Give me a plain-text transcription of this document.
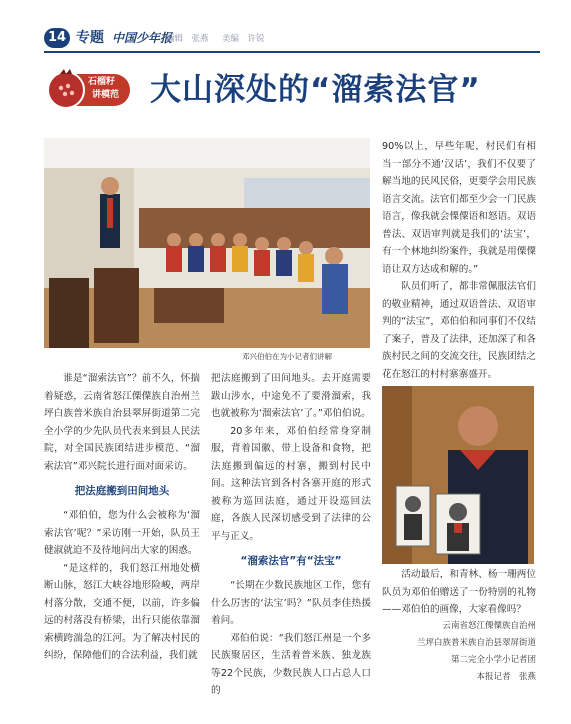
14 专题 中国少年报
编辑　张燕 美编　许锐
石榴籽
讲模范 大山深处的“溜索法官”
邓兴伯伯在为小记者们讲解

谁是“溜索法官”？前不久，怀揣着疑惑，云南省怒江傈僳族自治州兰坪白族普米族自治县翠屏街道第二完全小学的少先队员代表来到县人民法院，对全国民族团结进步模范、“溜索法官”邓兴院长进行面对面采访。

把法庭搬到田间地头

“邓伯伯，您为什么会被称为‘溜索法官’呢？”采访刚一开始，队员王健淑就迫不及待地问出大家的困惑。

“是这样的，我们怒江州地处横断山脉，怒江大峡谷地形险峻，两岸村落分散，交通不便，以前，许多偏远的村落没有桥梁，出行只能依靠溜索横跨湍急的江河。为了解决村民的纠纷，保障他们的合法利益，我们就

把法庭搬到了田间地头。去开庭需要跋山涉水，中途免不了要滑溜索，我也就被称为‘溜索法官’了。”邓伯伯说。

20多年来，邓伯伯经常身穿制服，背着国徽、带上设备和食物，把法庭搬到偏远的村寨，搬到村民中间。这种法官到各村各寨开庭的形式被称为巡回法庭，通过开设巡回法庭，各族人民深切感受到了法律的公平与正义。

“溜索法官”有“法宝”

“长期在少数民族地区工作，您有什么厉害的‘法宝’吗？”队员李佳热援着问。

邓伯伯说：“我们怒江州是一个多民族聚居区，生活着普米族、独龙族等22个民族，少数民族人口占总人口的

90%以上，早些年呢，村民们有相当一部分不通‘汉话’，我们不仅要了解当地的民风民俗，更要学会用民族语言交流。法官们都至少会一门民族语言，像我就会傈僳语和怒语。双语普法、双语审判就是我们的‘法宝’，有一个林地纠纷案件，我就是用傈僳语让双方达成和解的。”

队员们听了，都非常佩服法官们的敬业精神，通过双语普法、双语审判的“法宝”，邓伯伯和同事们不仅结了案子，普及了法律，还加深了和各族村民之间的交流交往，民族团结之花在怒江的村村寨寨盛开。

活动最后，和青林、杨一珊两位队员为邓伯伯赠送了一份特别的礼物——邓伯伯的画像，大家看像吗？

云南省怒江傈僳族自治州
兰坪白族普米族自治县翠屏街道
第二完全小学小记者团
本报记者　张燕
